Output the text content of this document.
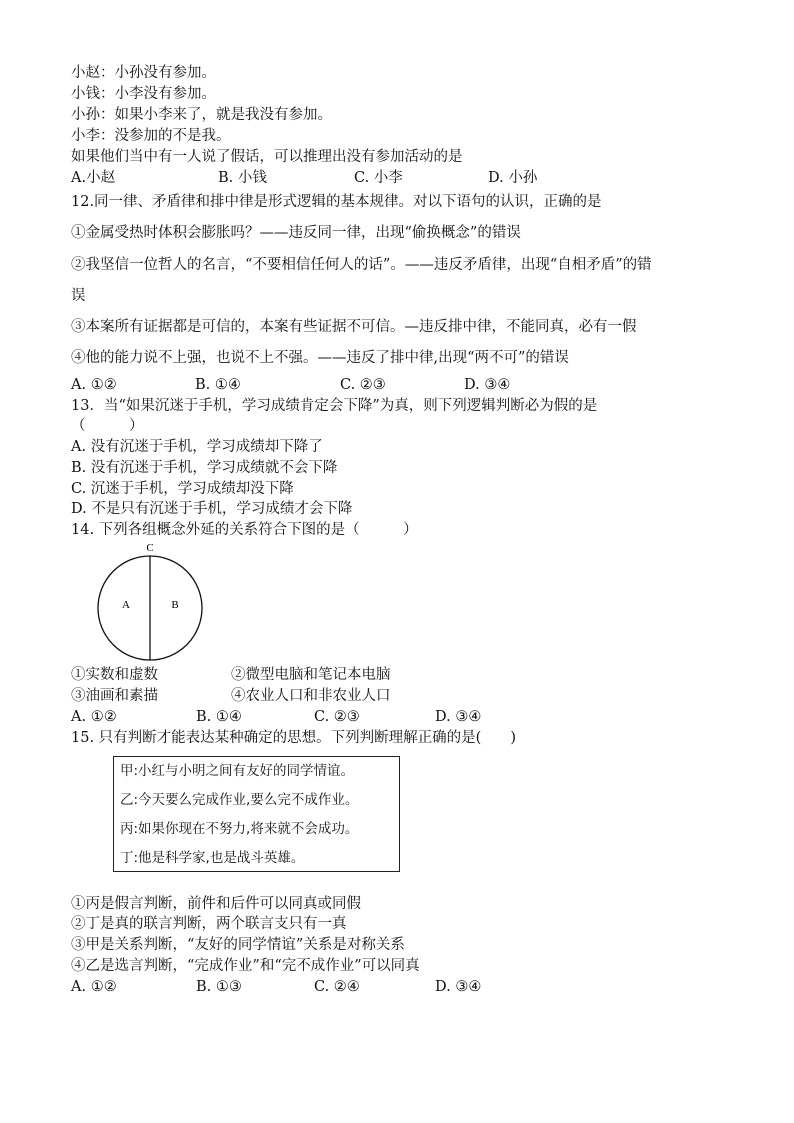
小赵：小孙没有参加。
小钱：小李没有参加。
小孙：如果小李来了，就是我没有参加。
小李：没参加的不是我。
如果他们当中有一人说了假话，可以推理出没有参加活动的是
A.小赵	B. 小钱	C. 小李	D. 小孙
12.同一律、矛盾律和排中律是形式逻辑的基本规律。对以下语句的认识，正确的是
①金属受热时体积会膨胀吗？——违反同一律，出现“偷换概念”的错误
②我坚信一位哲人的名言，“不要相信任何人的话”。——违反矛盾律，出现“自相矛盾”的错
误
③本案所有证据都是可信的，本案有些证据不可信。—违反排中律，不能同真，必有一假
④他的能力说不上强，也说不上不强。——违反了排中律,出现“两不可”的错误
A. ①②	B. ①④	C. ②③	D. ③④
13．当“如果沉迷于手机，学习成绩肯定会下降”为真，则下列逻辑判断必为假的是
（　　　）
A. 没有沉迷于手机，学习成绩却下降了
B. 没有沉迷于手机，学习成绩就不会下降
C. 沉迷于手机，学习成绩却没下降
D. 不是只有沉迷于手机，学习成绩才会下降
14. 下列各组概念外延的关系符合下图的是（　　　）
C
A	B
①实数和虚数	②微型电脑和笔记本电脑
③油画和素描	④农业人口和非农业人口
A. ①②	B. ①④	C. ②③	D. ③④
15. 只有判断才能表达某种确定的思想。下列判断理解正确的是(　　)
甲:小红与小明之间有友好的同学情谊。
乙:今天要么完成作业,要么完不成作业。
丙:如果你现在不努力,将来就不会成功。
丁:他是科学家,也是战斗英雄。
①丙是假言判断，前件和后件可以同真或同假
②丁是真的联言判断，两个联言支只有一真
③甲是关系判断，“友好的同学情谊”关系是对称关系
④乙是选言判断，“完成作业”和“完不成作业”可以同真
A. ①②	B. ①③	C. ②④	D. ③④
